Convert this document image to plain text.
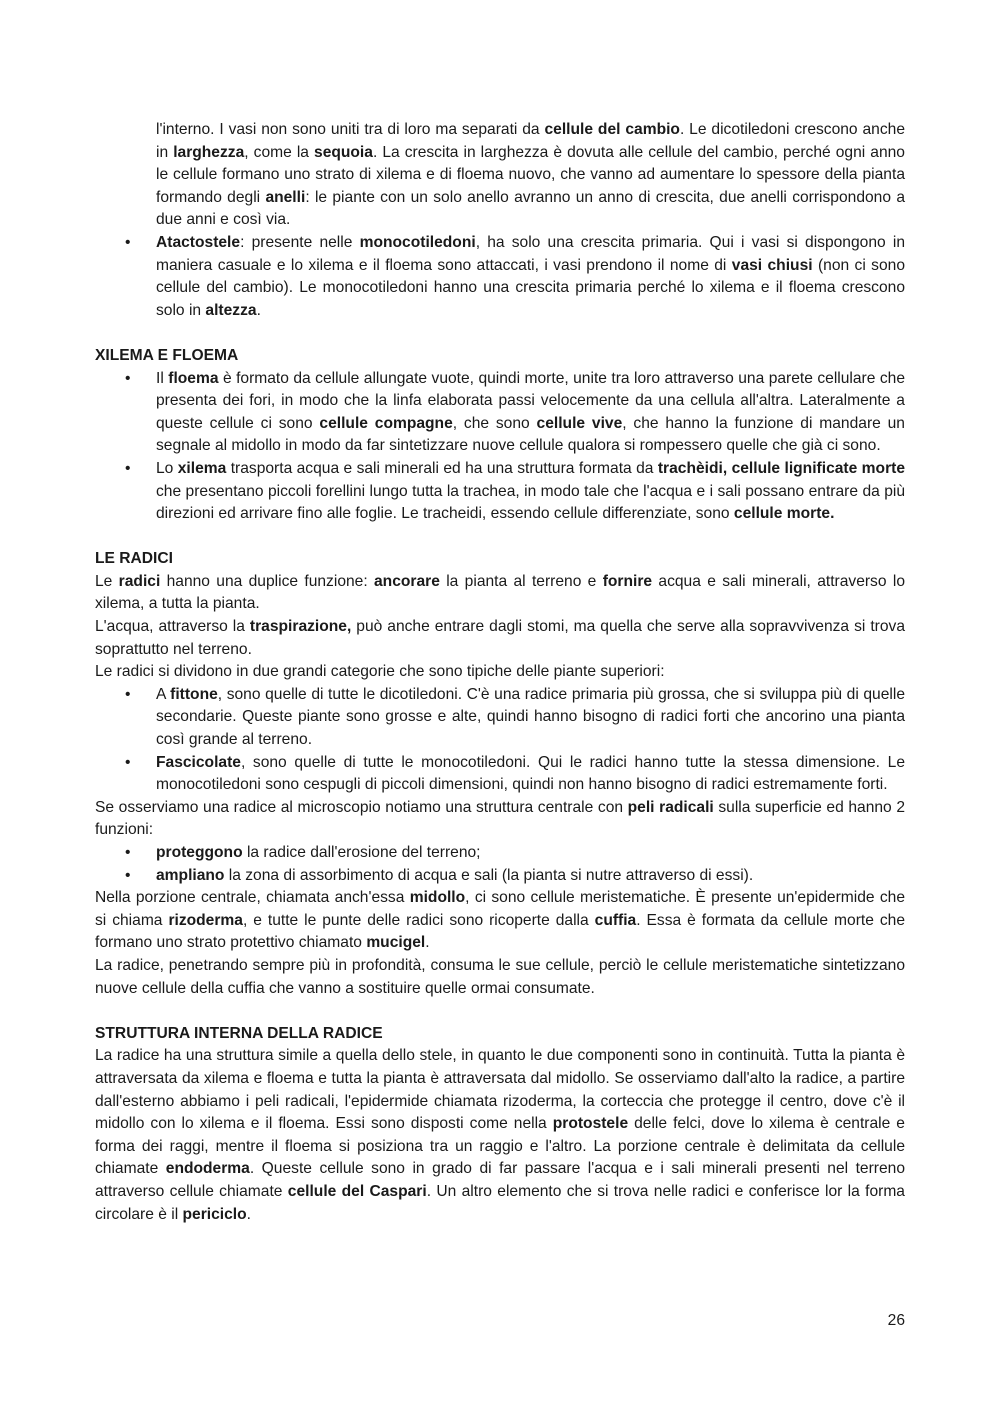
l'interno. I vasi non sono uniti tra di loro ma separati da cellule del cambio. Le dicotiledoni crescono anche in larghezza, come la sequoia. La crescita in larghezza è dovuta alle cellule del cambio, perché ogni anno le cellule formano uno strato di xilema e di floema nuovo, che vanno ad aumentare lo spessore della pianta formando degli anelli: le piante con un solo anello avranno un anno di crescita, due anelli corrispondono a due anni e così via.

• Atactostele: presente nelle monocotiledoni, ha solo una crescita primaria. Qui i vasi si dispongono in maniera casuale e lo xilema e il floema sono attaccati, i vasi prendono il nome di vasi chiusi (non ci sono cellule del cambio). Le monocotiledoni hanno una crescita primaria perché lo xilema e il floema crescono solo in altezza.
XILEMA E FLOEMA
• Il floema è formato da cellule allungate vuote, quindi morte, unite tra loro attraverso una parete cellulare che presenta dei fori, in modo che la linfa elaborata passi velocemente da una cellula all'altra. Lateralmente a queste cellule ci sono cellule compagne, che sono cellule vive, che hanno la funzione di mandare un segnale al midollo in modo da far sintetizzare nuove cellule qualora si rompessero quelle che già ci sono.
• Lo xilema trasporta acqua e sali minerali ed ha una struttura formata da trachèidi, cellule lignificate morte che presentano piccoli forellini lungo tutta la trachea, in modo tale che l'acqua e i sali possano entrare da più direzioni ed arrivare fino alle foglie. Le tracheidi, essendo cellule differenziate, sono cellule morte.
LE RADICI

Le radici hanno una duplice funzione: ancorare la pianta al terreno e fornire acqua e sali minerali, attraverso lo xilema, a tutta la pianta.

L'acqua, attraverso la traspirazione, può anche entrare dagli stomi, ma quella che serve alla sopravvivenza si trova soprattutto nel terreno.

Le radici si dividono in due grandi categorie che sono tipiche delle piante superiori:

• A fittone, sono quelle di tutte le dicotiledoni. C'è una radice primaria più grossa, che si sviluppa più di quelle secondarie. Queste piante sono grosse e alte, quindi hanno bisogno di radici forti che ancorino una pianta così grande al terreno.
• Fascicolate, sono quelle di tutte le monocotiledoni. Qui le radici hanno tutte la stessa dimensione. Le monocotiledoni sono cespugli di piccoli dimensioni, quindi non hanno bisogno di radici estremamente forti.

Se osserviamo una radice al microscopio notiamo una struttura centrale con peli radicali sulla superficie ed hanno 2 funzioni:

• proteggono la radice dall'erosione del terreno;
• ampliano la zona di assorbimento di acqua e sali (la pianta si nutre attraverso di essi).

Nella porzione centrale, chiamata anch'essa midollo, ci sono cellule meristematiche. È presente un'epidermide che si chiama rizoderma, e tutte le punte delle radici sono ricoperte dalla cuffia. Essa è formata da cellule morte che formano uno strato protettivo chiamato mucigel.

La radice, penetrando sempre più in profondità, consuma le sue cellule, perciò le cellule meristematiche sintetizzano nuove cellule della cuffia che vanno a sostituire quelle ormai consumate.

STRUTTURA INTERNA DELLA RADICE

La radice ha una struttura simile a quella dello stele, in quanto le due componenti sono in continuità. Tutta la pianta è attraversata da xilema e floema e tutta la pianta è attraversata dal midollo. Se osserviamo dall'alto la radice, a partire dall'esterno abbiamo i peli radicali, l'epidermide chiamata rizoderma, la corteccia che protegge il centro, dove c'è il midollo con lo xilema e il floema. Essi sono disposti come nella protostele delle felci, dove lo xilema è centrale e forma dei raggi, mentre il floema si posiziona tra un raggio e l'altro. La porzione centrale è delimitata da cellule chiamate endoderma. Queste cellule sono in grado di far passare l'acqua e i sali minerali presenti nel terreno attraverso cellule chiamate cellule del Caspari. Un altro elemento che si trova nelle radici e conferisce lor la forma circolare è il periciclo.

26
